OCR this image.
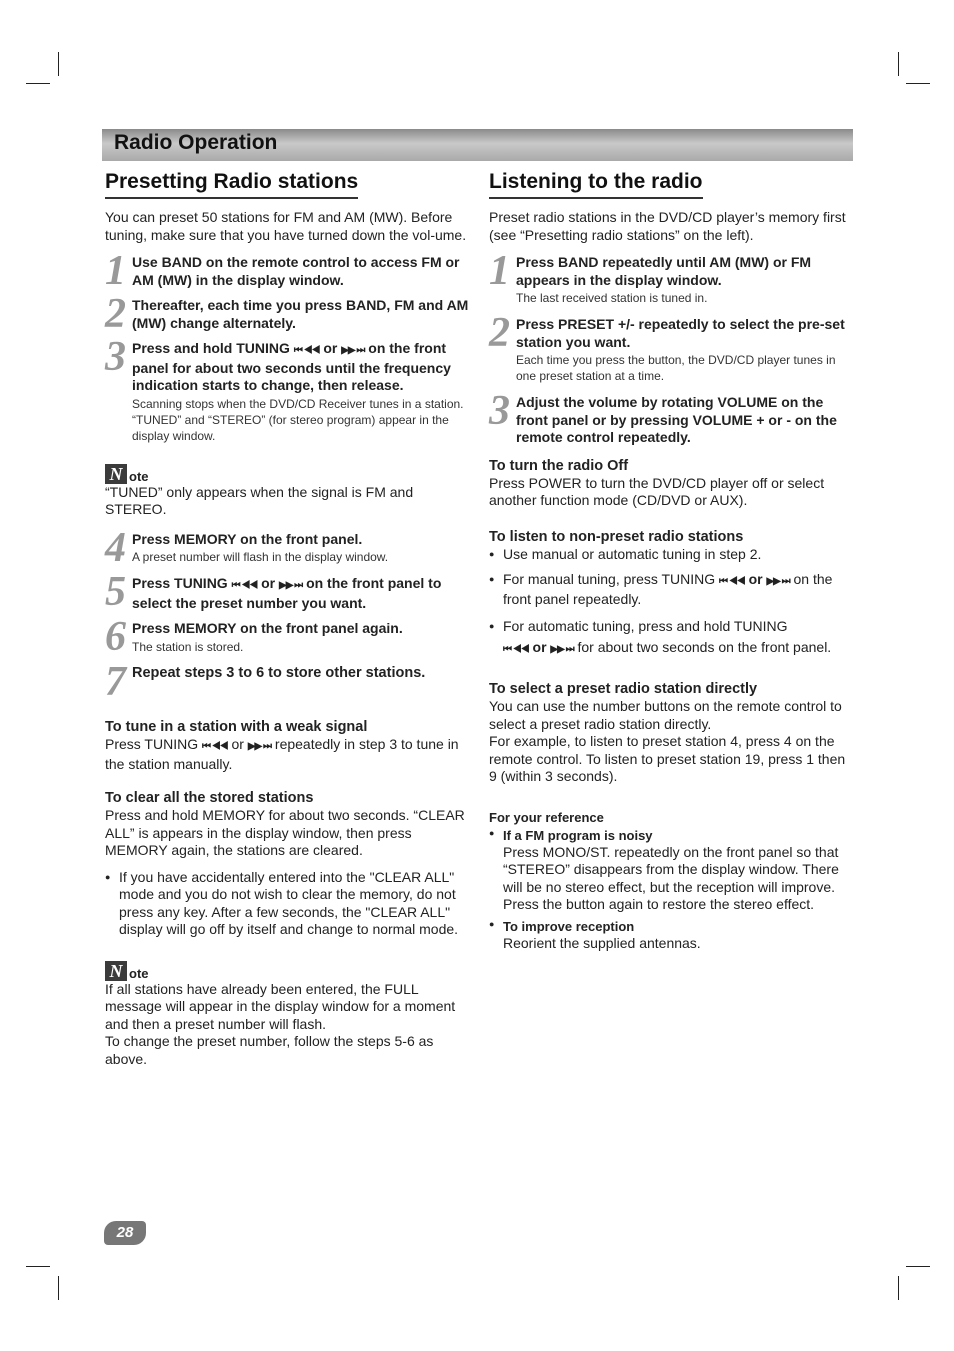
Radio Operation
Presetting Radio stations

You can preset 50 stations for FM and AM (MW). Before tuning, make sure that you have turned down the vol-ume.

1 Use BAND on the remote control to access FM or AM (MW) in the display window.
2 Thereafter, each time you press BAND, FM and AM (MW) change alternately.
3 Press and hold TUNING ⏮ ◀◀ or ▶▶ ⏭ on the front panel for about two seconds until the frequency indication starts to change, then release.
Scanning stops when the DVD/CD Receiver tunes in a station. “TUNED” and “STEREO” (for stereo program) appear in the display window.
N ote

“TUNED” only appears when the signal is FM and STEREO.

4 Press MEMORY on the front panel.
A preset number will flash in the display window.
5 Press TUNING ⏮ ◀◀ or ▶▶ ⏭ on the front panel to select the preset number you want.
6 Press MEMORY on the front panel again.
The station is stored.
7 Repeat steps 3 to 6 to store other stations.
To tune in a station with a weak signal

Press TUNING ⏮ ◀◀ or ▶▶ ⏭ repeatedly in step 3 to tune in the station manually.

To clear all the stored stations

Press and hold MEMORY for about two seconds. “CLEAR ALL” is appears in the display window, then press MEMORY again, the stations are cleared.

● If you have accidentally entered into the "CLEAR ALL" mode and you do not wish to clear the memory, do not press any key. After a few seconds, the "CLEAR ALL" display will go off by itself and change to normal mode.
N ote

If all stations have already been entered, the FULL message will appear in the display window for a moment and then a preset number will flash.

To change the preset number, follow the steps 5-6 as above.

Listening to the radio

Preset radio stations in the DVD/CD player’s memory first (see “Presetting radio stations” on the left).

1 Press BAND repeatedly until AM (MW) or FM appears in the display window.
The last received station is tuned in.
2 Press PRESET +/- repeatedly to select the pre-set station you want.
Each time you press the button, the DVD/CD player tunes in one preset station at a time.
3 Adjust the volume by rotating VOLUME on the front panel or by pressing VOLUME + or - on the remote control repeatedly.
To turn the radio Off

Press POWER to turn the DVD/CD player off or select another function mode (CD/DVD or AUX).

To listen to non-preset radio stations
● Use manual or automatic tuning in step 2.
● For manual tuning, press TUNING ⏮ ◀◀ or ▶▶ ⏭ on the front panel repeatedly.
● For automatic tuning, press and hold TUNING
⏮ ◀◀ or ▶▶ ⏭ for about two seconds on the front panel.
To select a preset radio station directly

You can use the number buttons on the remote control to select a preset radio station directly.

For example, to listen to preset station 4, press 4 on the remote control. To listen to preset station 19, press 1 then 9 (within 3 seconds).

For your reference
● If a FM program is noisy

Press MONO/ST. repeatedly on the front panel so that “STEREO” disappears from the display window. There will be no stereo effect, but the reception will improve. Press the button again to restore the stereo effect.

● To improve reception

Reorient the supplied antennas.

28
